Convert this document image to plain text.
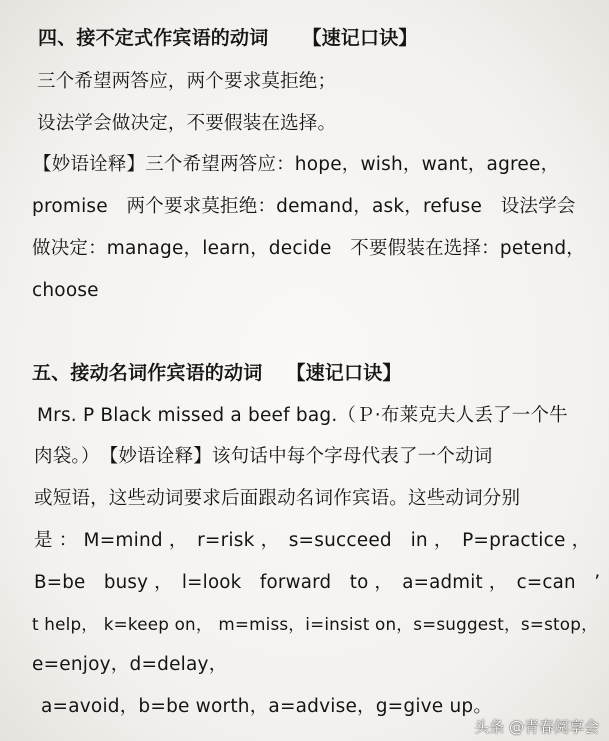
四、接不定式作宾语的动词 【速记口诀】
三个希望两答应，两个要求莫拒绝；
设法学会做决定，不要假装在选择。
【妙语诠释】三个希望两答应：hope，wish，want，agree，
promise　两个要求莫拒绝：demand，ask，refuse　设法学会
做决定：manage，learn，decide　不要假装在选择：petend，
choose
五、接动名词作宾语的动词 【速记口诀】
Mrs. P Black missed a beef bag.（Ｐ·布莱克夫人丢了一个牛
肉袋。）　【妙语诠释】该句话中每个字母代表了一个动词
或短语，这些动词要求后面跟动名词作宾语。这些动词分别
是 ： M=mind ，　r=risk ，　s=succeed　in ，　P=practice ，
B=be　busy ，　l=look　forward　to ，　a=admit ，　c=can　’
t help， k=keep on， m=miss，i=insist on，s=suggest，s=stop，
e=enjoy，d=delay，
a=avoid，b=be worth，a=advise，g=give up。
头条 @青春阅享会
